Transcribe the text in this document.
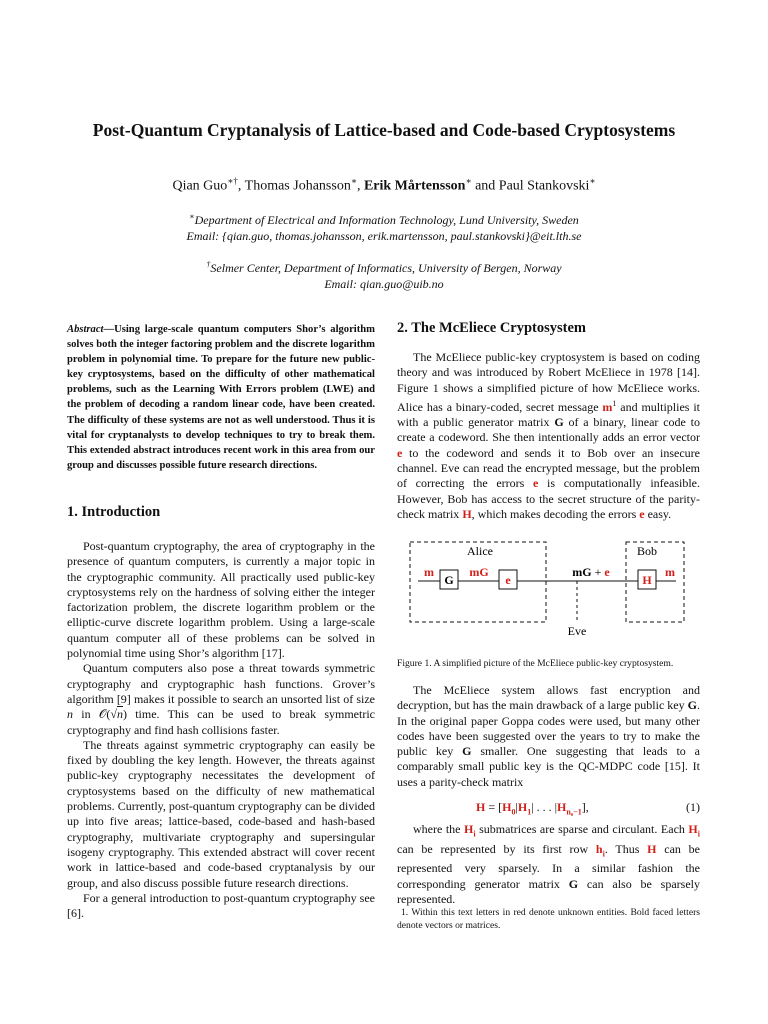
Post-Quantum Cryptanalysis of Lattice-based and Code-based Cryptosystems
Qian Guo∗†, Thomas Johansson∗, Erik Mårtensson∗ and Paul Stankovski∗
∗Department of Electrical and Information Technology, Lund University, Sweden
Email: {qian.guo, thomas.johansson, erik.martensson, paul.stankovski}@eit.lth.se
†Selmer Center, Department of Informatics, University of Bergen, Norway
Email: qian.guo@uib.no
Abstract—Using large-scale quantum computers Shor’s algorithm solves both the integer factoring problem and the discrete logarithm problem in polynomial time. To prepare for the future new public-key cryptosystems, based on the difficulty of other mathematical problems, such as the Learning With Errors problem (LWE) and the problem of decoding a random linear code, have been created. The difficulty of these systems are not as well understood. Thus it is vital for cryptanalysts to develop techniques to try to break them. This extended abstract introduces recent work in this area from our group and discusses possible future research directions.
1. Introduction

Post-quantum cryptography, the area of cryptography in the presence of quantum computers, is currently a major topic in the cryptographic community. All practically used public-key cryptosystems rely on the hardness of solving either the integer factorization problem, the discrete logarithm problem or the elliptic-curve discrete logarithm problem. Using a large-scale quantum computer all of these problems can be solved in polynomial time using Shor’s algorithm [17].

Quantum computers also pose a threat towards symmetric cryptography and cryptographic hash functions. Grover’s algorithm [9] makes it possible to search an unsorted list of size n in 𝒪(√n) time. This can be used to break symmetric cryptography and find hash collisions faster.

The threats against symmetric cryptography can easily be fixed by doubling the key length. However, the threats against public-key cryptography necessitates the development of cryptosystems based on the difficulty of new mathematical problems. Currently, post-quantum cryptography can be divided up into five areas; lattice-based, code-based and hash-based cryptography, multivariate cryptography and supersingular isogeny cryptography. This extended abstract will cover recent work in lattice-based and code-based cryptanalysis by our group, and also discuss possible future research directions.

For a general introduction to post-quantum cryptography see [6].

2. The McEliece Cryptosystem

The McEliece public-key cryptosystem is based on coding theory and was introduced by Robert McEliece in 1978 [14]. Figure 1 shows a simplified picture of how McEliece works. Alice has a binary-coded, secret message $m^1$ and multiplies it with a public generator matrix G of a binary, linear code to create a codeword. She then intentionally adds an error vector e to the codeword and sends it to Bob over an insecure channel. Eve can read the encrypted message, but the problem of correcting the errors e is computationally infeasible. However, Bob has access to the secret structure of the parity-check matrix H, which makes decoding the errors e easy.

Alice	Bob
m
G
mG
e
mG + e
H
m
Eve
Figure 1. A simplified picture of the McEliece public-key cryptosystem.

The McEliece system allows fast encryption and decryption, but has the main drawback of a large public key G. In the original paper Goppa codes were used, but many other codes have been suggested over the years to try to make the public key G smaller. One suggesting that leads to a comparably small public key is the QC-MDPC code [15]. It uses a parity-check matrix

$H = [H_0|H_1|$ . . . $|H_{n_0-1}$],	(1)

where the $H_i$ submatrices are sparse and circulant. Each $H_i$ can be represented by its first row $h_i$. Thus H can be represented very sparsely. In a similar fashion the corresponding generator matrix G can also be sparsely represented.

1. Within this text letters in red denote unknown entities. Bold faced letters denote vectors or matrices.
